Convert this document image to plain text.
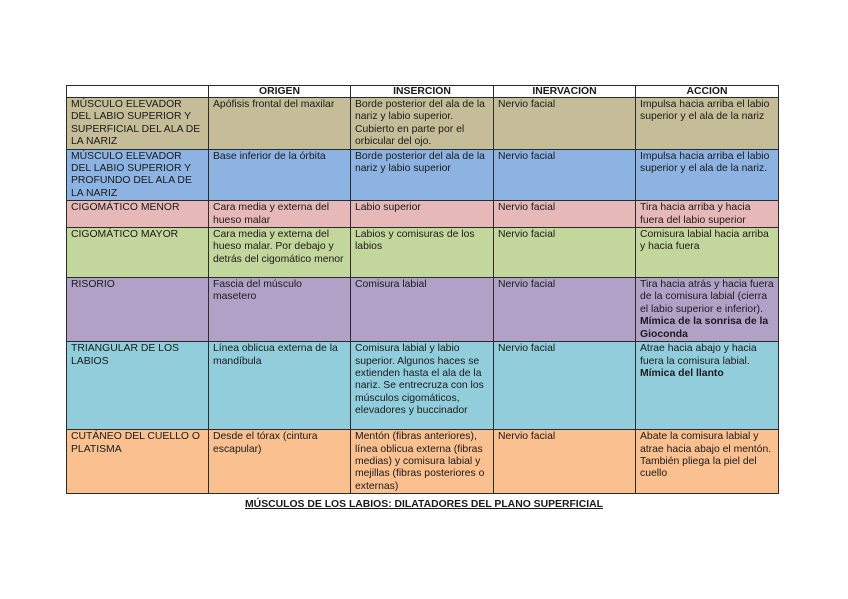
	ORIGEN	INSERCIÓN	INERVACIÓN	ACCIÓN
MÚSCULO ELEVADOR DEL LABIO SUPERIOR Y SUPERFICIAL DEL ALA DE LA NARIZ	Apófisis frontal del maxilar	Borde posterior del ala de la nariz y labio superior. Cubierto en parte por el orbicular del ojo.	Nervio facial	Impulsa hacia arriba el labio superior y el ala de la nariz
MÚSCULO ELEVADOR DEL LABIO SUPERIOR Y PROFUNDO DEL ALA DE LA NARIZ	Base inferior de la órbita	Borde posterior del ala de la nariz y labio superior	Nervio facial	Impulsa hacia arriba el labio superior y el ala de la nariz.
CIGOMÁTICO MENOR	Cara media y externa del hueso malar	Labio superior	Nervio facial	Tira hacia arriba y hacia fuera del labio superior
CIGOMÁTICO MAYOR	Cara media y externa del hueso malar. Por debajo y detrás del cigomático menor	Labios y comisuras de los labios	Nervio facial	Comisura labial hacia arriba y hacia fuera
RISORIO	Fascia del músculo masetero	Comisura labial	Nervio facial	Tira hacia atrás y hacia fuera de la comisura labial (cierra el labio superior e inferior). Mímica de la sonrisa de la Gioconda
TRIANGULAR DE LOS LABIOS	Línea oblicua externa de la mandíbula	Comisura labial y labio superior. Algunos haces se extienden hasta el ala de la nariz. Se entrecruza con los músculos cigomáticos, elevadores y buccinador	Nervio facial	Atrae hacia abajo y hacia fuera la comisura labial. Mímica del llanto
CUTÁNEO DEL CUELLO O PLATISMA	Desde el tórax (cintura escapular)	Mentón (fibras anteriores), línea oblicua externa (fibras medias) y comisura labial y mejillas (fibras posteriores o externas)	Nervio facial	Abate la comisura labial y atrae hacia abajo el mentón. También pliega la piel del cuello
MÚSCULOS DE LOS LABIOS: DILATADORES DEL PLANO SUPERFICIAL
